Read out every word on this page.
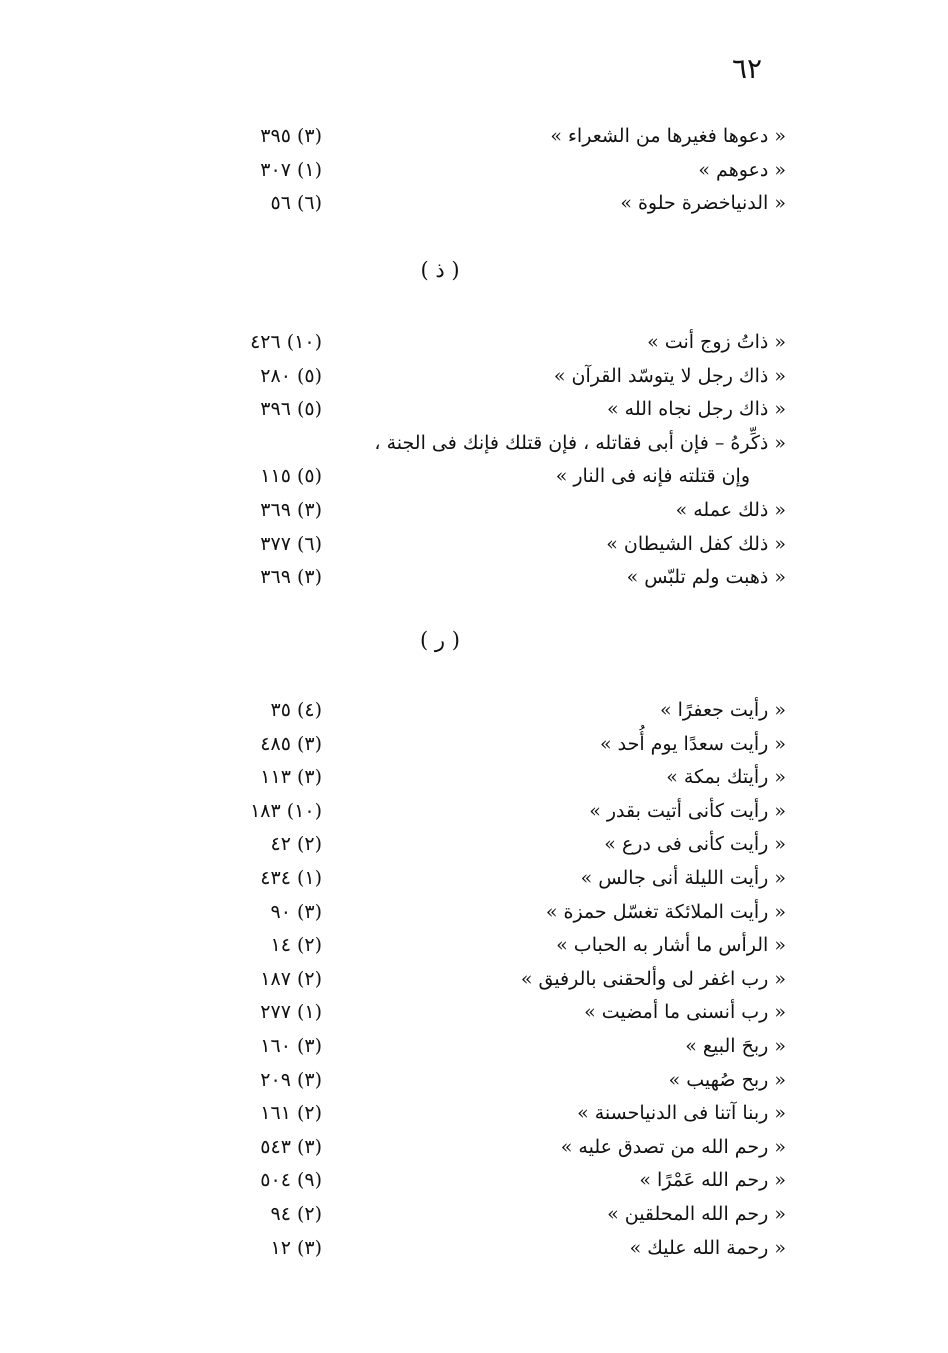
٦٢
« دعوها فغيرها من الشعراء »
(٣) ٣٩٥
« دعوهم »
(١) ٣٠٧
« الدنياخضرة حلوة »
(٦) ٥٦
( ذ )
« ذاتُ زوج أنت »
(١٠) ٤٢٦
« ذاك رجل لا يتوسّد القرآن »
(٥) ٢٨٠
« ذاك رجل نجاه الله »
(٥) ٣٩٦
« ذكِّرهُ – فإن أبى فقاتله ، فإن قتلك فإنك فى الجنة ،
وإن قتلته فإنه فى النار »
(٥) ١١٥
« ذلك عمله »
(٣) ٣٦٩
« ذلك كفل الشيطان »
(٦) ٣٧٧
« ذهبت ولم تلبّس »
(٣) ٣٦٩
( ر )
« رأيت جعفرًا »
(٤) ٣٥
« رأيت سعدًا يوم أُحد »
(٣) ٤٨٥
« رأيتك بمكة »
(٣) ١١٣
« رأيت كأنى أتيت بقدر »
(١٠) ١٨٣
« رأيت كأنى فى درع »
(٢) ٤٢
« رأيت الليلة أنى جالس »
(١) ٤٣٤
« رأيت الملائكة تغسّل حمزة »
(٣) ٩٠
« الرأس ما أشار به الحباب »
(٢) ١٤
« رب اغفر لى وألحقنى بالرفيق »
(٢) ١٨٧
« رب أنسنى ما أمضيت »
(١) ٢٧٧
« ربحَ البيع »
(٣) ١٦٠
« ربح صُهيب »
(٣) ٢٠٩
« ربنا آتنا فى الدنياحسنة »
(٢) ١٦١
« رحم الله من تصدق عليه »
(٣) ٥٤٣
« رحم الله عَمْرًا »
(٩) ٥٠٤
« رحم الله المحلقين »
(٢) ٩٤
« رحمة الله عليك »
(٣) ١٢
